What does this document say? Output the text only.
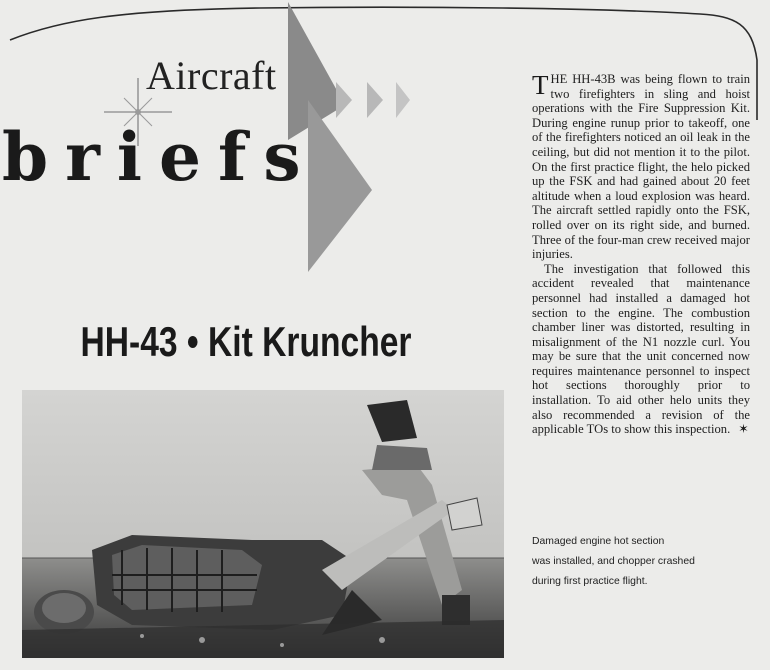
Aircraft
briefs
HH-43 • Kit Kruncher

THE HH-43B was being flown to train two firefighters in sling and hoist operations with the Fire Suppression Kit. During engine runup prior to takeoff, one of the firefighters noticed an oil leak in the ceiling, but did not mention it to the pilot. On the first practice flight, the helo picked up the FSK and had gained about 20 feet altitude when a loud explosion was heard. The aircraft settled rapidly onto the FSK, rolled over on its right side, and burned. Three of the four-man crew received major injuries.

The investigation that followed this accident revealed that maintenance personnel had installed a damaged hot section to the engine. The combustion chamber liner was distorted, resulting in misalignment of the N1 nozzle curl. You may be sure that the unit concerned now requires maintenance personnel to inspect hot sections thoroughly prior to installation. To aid other helo units they also recommended a revision of the applicable TOs to show this inspection. ✶

Damaged engine hot section
was installed, and chopper crashed
during first practice flight.
